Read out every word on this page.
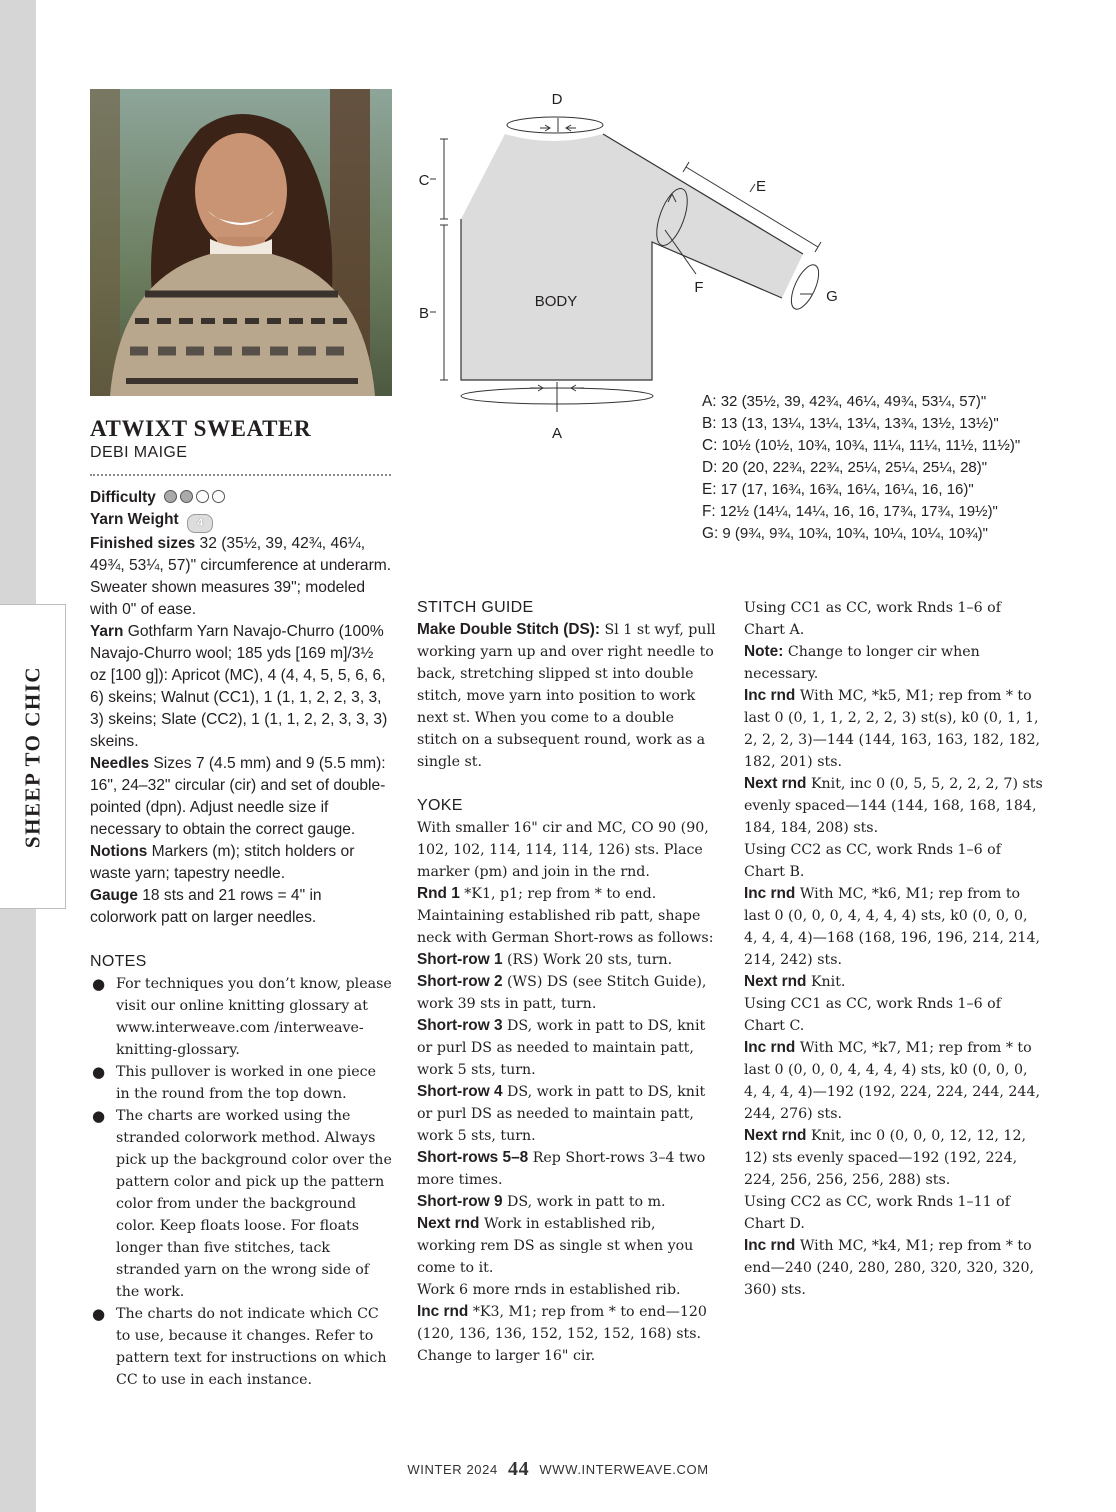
SHEEP TO CHIC
ATWIXT SWEATER
DEBI MAIGE

Difficulty

Yarn Weight 4

Finished sizes 32 (35½, 39, 42¾, 46¼, 49¾, 53¼, 57)" circumference at underarm. Sweater shown measures 39"; modeled with 0" of ease.

Yarn Gothfarm Yarn Navajo-Churro (100% Navajo-Churro wool; 185 yds [169 m]/3½ oz [100 g]): Apricot (MC), 4 (4, 4, 5, 5, 6, 6, 6) skeins; Walnut (CC1), 1 (1, 1, 2, 2, 3, 3, 3) skeins; Slate (CC2), 1 (1, 1, 2, 2, 3, 3, 3) skeins.

Needles Sizes 7 (4.5 mm) and 9 (5.5 mm): 16", 24–32" circular (cir) and set of double-pointed (dpn). Adjust needle size if necessary to obtain the correct gauge.

Notions Markers (m); stitch holders or waste yarn; tapestry needle.

Gauge 18 sts and 21 rows = 4" in colorwork patt on larger needles.

NOTES

● For techniques you don’t know, please visit our online knitting glossary at www.interweave.com /interweave-knitting-glossary.
● This pullover is worked in one piece in the round from the top down.
● The charts are worked using the stranded colorwork method. Always pick up the background color over the pattern color and pick up the pattern color from under the background color. Keep floats loose. For floats longer than five stitches, tack stranded yarn on the wrong side of the work.
● The charts do not indicate which CC to use, because it changes. Refer to pattern text for instructions on which CC to use in each instance.

STITCH GUIDE

Make Double Stitch (DS): Sl 1 st wyf, pull working yarn up and over right needle to back, stretching slipped st into double stitch, move yarn into position to work next st. When you come to a double stitch on a subsequent round, work as a single st.

YOKE

With smaller 16" cir and MC, CO 90 (90, 102, 102, 114, 114, 114, 126) sts. Place marker (pm) and join in the rnd.

Rnd 1 *K1, p1; rep from * to end. Maintaining established rib patt, shape neck with German Short-rows as follows:

Short-row 1 (RS) Work 20 sts, turn.

Short-row 2 (WS) DS (see Stitch Guide), work 39 sts in patt, turn.

Short-row 3 DS, work in patt to DS, knit or purl DS as needed to maintain patt, work 5 sts, turn.

Short-row 4 DS, work in patt to DS, knit or purl DS as needed to maintain patt, work 5 sts, turn.

Short-rows 5–8 Rep Short-rows 3–4 two more times.

Short-row 9 DS, work in patt to m.

Next rnd Work in established rib, working rem DS as single st when you come to it.

Work 6 more rnds in established rib.

Inc rnd *K3, M1; rep from * to end—120 (120, 136, 136, 152, 152, 152, 168) sts.

Change to larger 16" cir.

Using CC1 as CC, work Rnds 1–6 of Chart A.

Note: Change to longer cir when necessary.

Inc rnd With MC, *k5, M1; rep from * to last 0 (0, 1, 1, 2, 2, 2, 3) st(s), k0 (0, 1, 1, 2, 2, 2, 3)—144 (144, 163, 163, 182, 182, 182, 201) sts.

Next rnd Knit, inc 0 (0, 5, 5, 2, 2, 2, 7) sts evenly spaced—144 (144, 168, 168, 184, 184, 184, 208) sts.

Using CC2 as CC, work Rnds 1–6 of Chart B.

Inc rnd With MC, *k6, M1; rep from to last 0 (0, 0, 0, 4, 4, 4, 4) sts, k0 (0, 0, 0, 4, 4, 4, 4)—168 (168, 196, 196, 214, 214, 214, 242) sts.

Next rnd Knit.

Using CC1 as CC, work Rnds 1–6 of Chart C.

Inc rnd With MC, *k7, M1; rep from * to last 0 (0, 0, 0, 4, 4, 4, 4) sts, k0 (0, 0, 0, 4, 4, 4, 4)—192 (192, 224, 224, 244, 244, 244, 276) sts.

Next rnd Knit, inc 0 (0, 0, 0, 12, 12, 12, 12) sts evenly spaced—192 (192, 224, 224, 256, 256, 256, 288) sts.

Using CC2 as CC, work Rnds 1–11 of Chart D.

Inc rnd With MC, *k4, M1; rep from * to end—240 (240, 280, 280, 320, 320, 320, 360) sts.

D
C
B
A
E
F
G
BODY

A: 32 (35½, 39, 42¾, 46¼, 49¾, 53¼, 57)"

B: 13 (13, 13¼, 13¼, 13¼, 13¾, 13½, 13½)"

C: 10½ (10½, 10¾, 10¾, 11¼, 11¼, 11½, 11½)"

D: 20 (20, 22¾, 22¾, 25¼, 25¼, 25¼, 28)"

E: 17 (17, 16¾, 16¾, 16¼, 16¼, 16, 16)"

F: 12½ (14¼, 14¼, 16, 16, 17¾, 17¾, 19½)"

G: 9 (9¾, 9¾, 10¾, 10¾, 10¼, 10¼, 10¾)"

WINTER 2024 44 WWW.INTERWEAVE.COM
